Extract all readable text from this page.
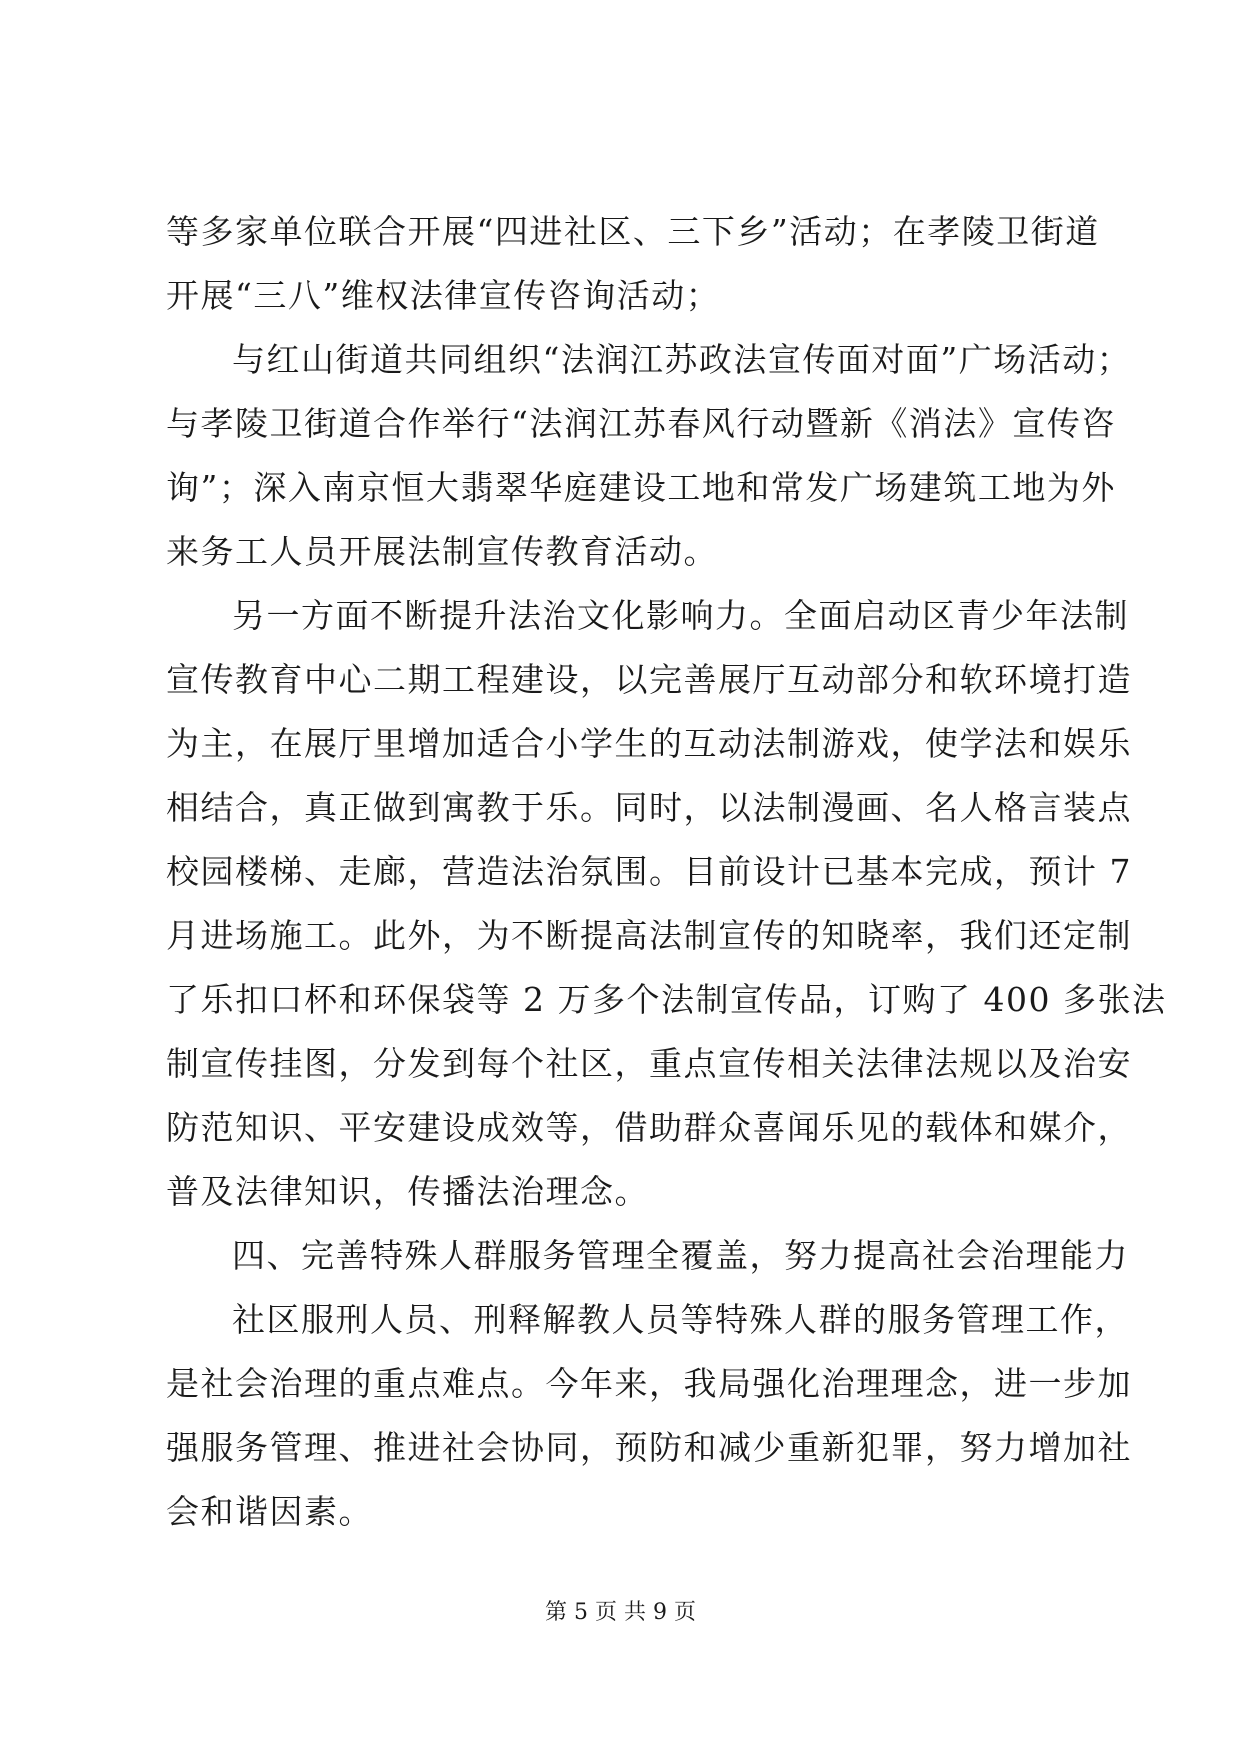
等多家单位联合开展“四进社区、三下乡”活动；在孝陵卫街道
开展“三八”维权法律宣传咨询活动；
与红山街道共同组织“法润江苏政法宣传面对面”广场活动；
与孝陵卫街道合作举行“法润江苏春风行动暨新《消法》宣传咨
询”；深入南京恒大翡翠华庭建设工地和常发广场建筑工地为外
来务工人员开展法制宣传教育活动。
另一方面不断提升法治文化影响力。全面启动区青少年法制
宣传教育中心二期工程建设，以完善展厅互动部分和软环境打造
为主，在展厅里增加适合小学生的互动法制游戏，使学法和娱乐
相结合，真正做到寓教于乐。同时，以法制漫画、名人格言装点
校园楼梯、走廊，营造法治氛围。目前设计已基本完成，预计 7
月进场施工。此外，为不断提高法制宣传的知晓率，我们还定制
了乐扣口杯和环保袋等 2 万多个法制宣传品，订购了 400 多张法
制宣传挂图，分发到每个社区，重点宣传相关法律法规以及治安
防范知识、平安建设成效等，借助群众喜闻乐见的载体和媒介，
普及法律知识，传播法治理念。
四、完善特殊人群服务管理全覆盖，努力提高社会治理能力
社区服刑人员、刑释解教人员等特殊人群的服务管理工作，
是社会治理的重点难点。今年来，我局强化治理理念，进一步加
强服务管理、推进社会协同，预防和减少重新犯罪，努力增加社
会和谐因素。
第 5 页 共 9 页
